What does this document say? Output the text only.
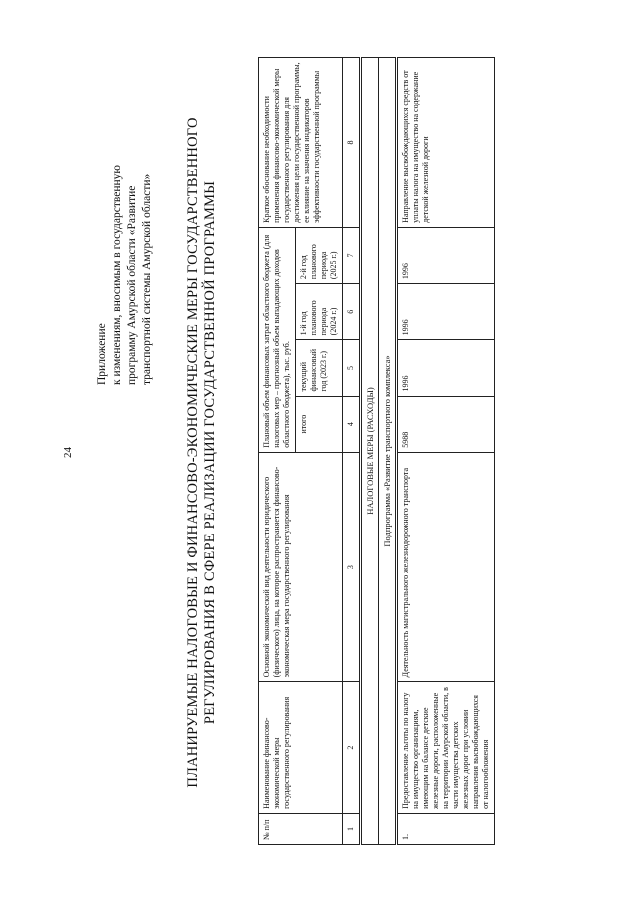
24
Приложение к изменениям, вносимым в государственную программу Амурской области «Развитие транспортной системы Амурской области» ПЛАНИРУЕМЫЕ НАЛОГОВЫЕ И ФИНАНСОВО-ЭКОНОМИЧЕСКИЕ МЕРЫ ГОСУДАРСТВЕННОГО РЕГУЛИРОВАНИЯ В СФЕРЕ РЕАЛИЗАЦИИ ГОСУДАРСТВЕННОЙ ПРОГРАММЫ
№ п/п	Наименование финансово-экономической меры государственного регулирования	Основной экономический вид деятельности юридического (физического) лица, на которое распространяется финансово-экономическая мера государственного регулирования	Плановый объем финансовых затрат областного бюджета (для налоговых мер – прогнозный объем выпадающих доходов областного бюджета), тыс. руб.				Краткое обоснование необходимости применения финансово-экономической меры государственного регулирования для достижения цели государственной программы, ее влияние на значения индикаторов эффективности государственной программы
			итого	текущий финансовый год (2023 г.)	1-й год планового периода (2024 г.)	2-й год планового периода (2025 г.)	
1	2	3	4	5	6	7	8
НАЛОГОВЫЕ МЕРЫ (РАСХОДЫ)							
Подпрограмма «Развитие транспортного комплекса»							
1.	Предоставление льготы по налогу на имущество организациям, имеющим на балансе детские железные дороги, расположенные на территории Амурской области, в части имущества детских железных дорог при условии направления высвобождающихся от налогообложения	Деятельность магистрального железнодорожного транспорта	5988	1996	1996	1996	Направление высвобождающихся средств от уплаты налога на имущество на содержание детской железной дороги
